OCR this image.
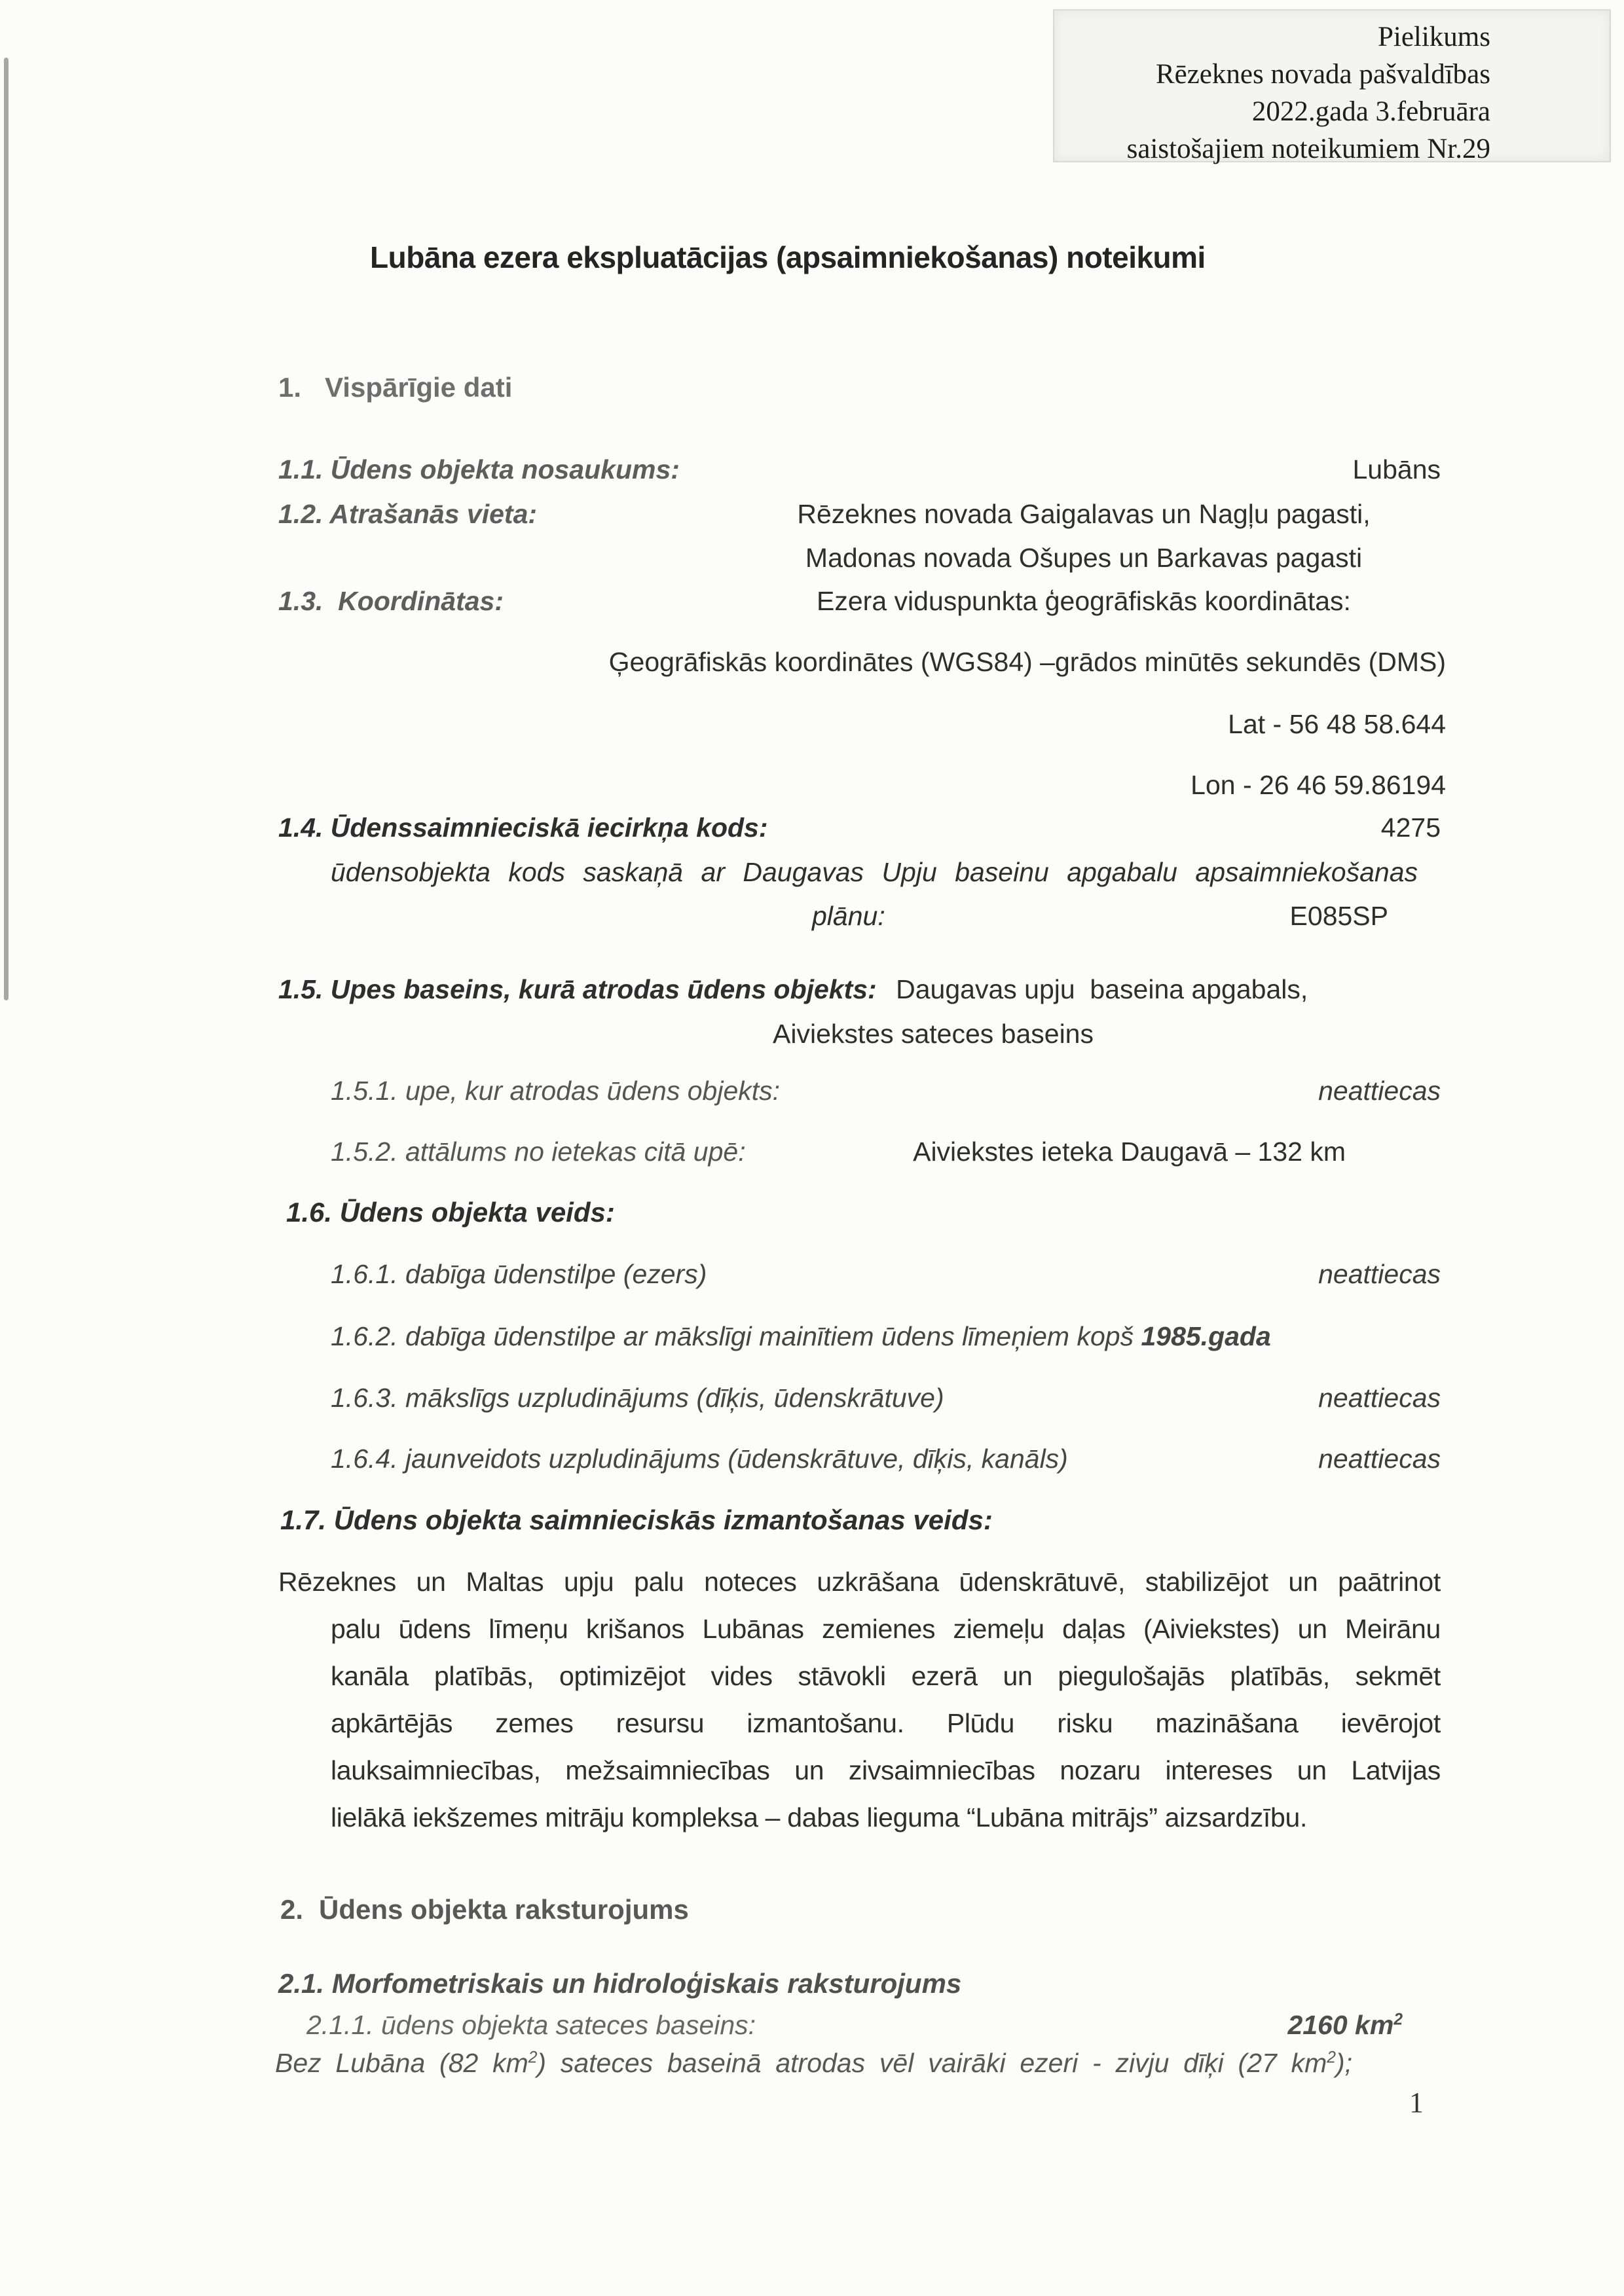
Pielikums
Rēzeknes novada pašvaldības
2022.gada 3.februāra
saistošajiem noteikumiem Nr.29
Lubāna ezera ekspluatācijas (apsaimniekošanas) noteikumi
1. Vispārīgie dati
1.1. Ūdens objekta nosaukums:	Lubāns
1.2. Atrašanās vieta:	Rēzeknes novada Gaigalavas un Nagļu pagasti,
Madonas novada Ošupes un Barkavas pagasti
1.3.  Koordinātas:	Ezera viduspunkta ģeogrāfiskās koordinātas:
Ģeogrāfiskās koordinātes (WGS84) –grādos minūtēs sekundēs (DMS)
Lat - 56 48 58.644
Lon - 26 46 59.86194
1.4. Ūdenssaimnieciskā iecirkņa kods:	4275
ūdensobjekta kods saskaņā ar Daugavas Upju baseinu apgabalu apsaimniekošanas
plānu:	E085SP
1.5. Upes baseins, kurā atrodas ūdens objekts: Daugavas upju  baseina apgabals,
Aiviekstes sateces baseins
1.5.1. upe, kur atrodas ūdens objekts:	neattiecas
1.5.2. attālums no ietekas citā upē:	Aiviekstes ieteka Daugavā – 132 km
1.6. Ūdens objekta veids:
1.6.1. dabīga ūdenstilpe (ezers)	neattiecas
1.6.2. dabīga ūdenstilpe ar mākslīgi mainītiem ūdens līmeņiem kopš 1985.gada
1.6.3. mākslīgs uzpludinājums (dīķis, ūdenskrātuve)	neattiecas
1.6.4. jaunveidots uzpludinājums (ūdenskrātuve, dīķis, kanāls)	neattiecas
1.7. Ūdens objekta saimnieciskās izmantošanas veids:
Rēzeknes un Maltas upju palu noteces uzkrāšana ūdenskrātuvē, stabilizējot un paātrinot
palu ūdens līmeņu krišanos Lubānas zemienes ziemeļu daļas (Aiviekstes) un Meirānu
kanāla platībās, optimizējot vides stāvokli ezerā un piegulošajās platībās, sekmēt
apkārtējās zemes resursu izmantošanu. Plūdu risku mazināšana ievērojot
lauksaimniecības, mežsaimniecības un zivsaimniecības nozaru intereses un Latvijas
lielākā iekšzemes mitrāju kompleksa – dabas lieguma “Lubāna mitrājs” aizsardzību.
2. Ūdens objekta raksturojums
2.1. Morfometriskais un hidroloģiskais raksturojums
2.1.1. ūdens objekta sateces baseins:	2160 $km^2$
Bez Lubāna (82 $km^2$) sateces baseinā atrodas vēl vairāki ezeri - zivju dīķi (27 $km^2$);
1
